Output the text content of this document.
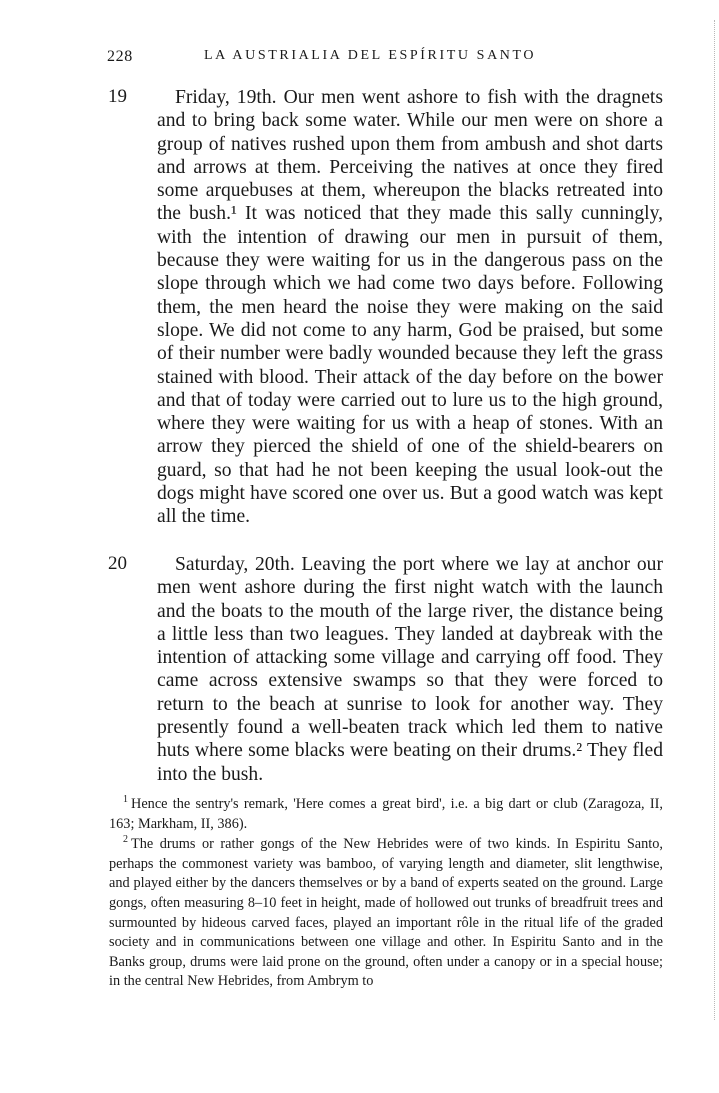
228	LA AUSTRIALIA DEL ESPÍRITU SANTO
19	Friday, 19th. Our men went ashore to fish with the dragnets and to bring back some water. While our men were on shore a group of natives rushed upon them from ambush and shot darts and arrows at them. Perceiving the natives at once they fired some arquebuses at them, whereupon the blacks retreated into the bush.¹ It was noticed that they made this sally cunningly, with the intention of drawing our men in pursuit of them, because they were waiting for us in the dangerous pass on the slope through which we had come two days before. Following them, the men heard the noise they were making on the said slope. We did not come to any harm, God be praised, but some of their number were badly wounded because they left the grass stained with blood. Their attack of the day before on the bower and that of today were carried out to lure us to the high ground, where they were waiting for us with a heap of stones. With an arrow they pierced the shield of one of the shield-bearers on guard, so that had he not been keeping the usual look-out the dogs might have scored one over us. But a good watch was kept all the time.

20	Saturday, 20th. Leaving the port where we lay at anchor our men went ashore during the first night watch with the launch and the boats to the mouth of the large river, the distance being a little less than two leagues. They landed at daybreak with the intention of attacking some village and carrying off food. They came across extensive swamps so that they were forced to return to the beach at sunrise to look for another way. They presently found a well-beaten track which led them to native huts where some blacks were beating on their drums.² They fled into the bush.

$^1$ Hence the sentry's remark, 'Here comes a great bird', i.e. a big dart or club (Zaragoza, II, 163; Markham, II, 386).

$^2$ The drums or rather gongs of the New Hebrides were of two kinds. In Espiritu Santo, perhaps the commonest variety was bamboo, of varying length and diameter, slit lengthwise, and played either by the dancers themselves or by a band of experts seated on the ground. Large gongs, often measuring 8–10 feet in height, made of hollowed out trunks of breadfruit trees and surmounted by hideous carved faces, played an important rôle in the ritual life of the graded society and in communications between one village and other. In Espiritu Santo and in the Banks group, drums were laid prone on the ground, often under a canopy or in a special house; in the central New Hebrides, from Ambrym to
